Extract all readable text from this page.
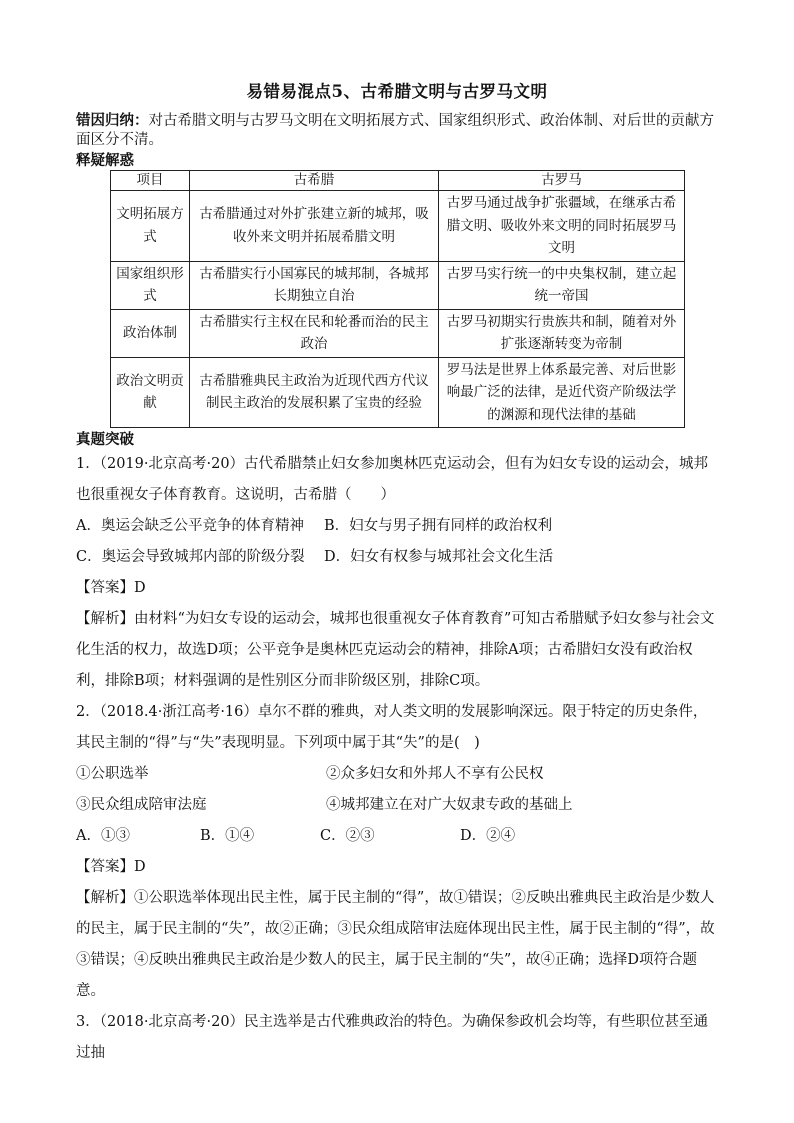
易错易混点5、古希腊文明与古罗马文明

错因归纳：对古希腊文明与古罗马文明在文明拓展方式、国家组织形式、政治体制、对后世的贡献方面区分不清。

释疑解惑
项目	古希腊	古罗马
文明拓展方式	古希腊通过对外扩张建立新的城邦，吸收外来文明并拓展希腊文明	古罗马通过战争扩张疆域，在继承古希腊文明、吸收外来文明的同时拓展罗马文明
国家组织形式	古希腊实行小国寡民的城邦制，各城邦长期独立自治	古罗马实行统一的中央集权制，建立起统一帝国
政治体制	古希腊实行主权在民和轮番而治的民主政治	古罗马初期实行贵族共和制，随着对外扩张逐渐转变为帝制
政治文明贡献	古希腊雅典民主政治为近现代西方代议制民主政治的发展积累了宝贵的经验	罗马法是世界上体系最完善、对后世影响最广泛的法律，是近代资产阶级法学的渊源和现代法律的基础
真题突破

1．（2019·北京高考·20）古代希腊禁止妇女参加奥林匹克运动会，但有为妇女专设的运动会，城邦也很重视女子体育教育。这说明，古希腊（　　）

A．奥运会缺乏公平竞争的体育精神	B．妇女与男子拥有同样的政治权利
C．奥运会导致城邦内部的阶级分裂	D．妇女有权参与城邦社会文化生活

【答案】D

【解析】由材料“为妇女专设的运动会，城邦也很重视女子体育教育”可知古希腊赋予妇女参与社会文化生活的权力，故选D项；公平竞争是奥林匹克运动会的精神，排除A项；古希腊妇女没有政治权利，排除B项；材料强调的是性别区分而非阶级区别，排除C项。

2．（2018.4·浙江高考·16）卓尔不群的雅典，对人类文明的发展影响深远。限于特定的历史条件，其民主制的“得”与“失”表现明显。下列项中属于其“失”的是(　)

①公职选举	②众多妇女和外邦人不享有公民权
③民众组成陪审法庭	④城邦建立在对广大奴隶专政的基础上
A．①③	B．①④	C．②③	D．②④

【答案】D

【解析】①公职选举体现出民主性，属于民主制的“得”，故①错误；②反映出雅典民主政治是少数人的民主，属于民主制的“失”，故②正确；③民众组成陪审法庭体现出民主性，属于民主制的“得”，故③错误；④反映出雅典民主政治是少数人的民主，属于民主制的“失”，故④正确；选择D项符合题意。

3．（2018·北京高考·20）民主选举是古代雅典政治的特色。为确保参政机会均等，有些职位甚至通过抽
